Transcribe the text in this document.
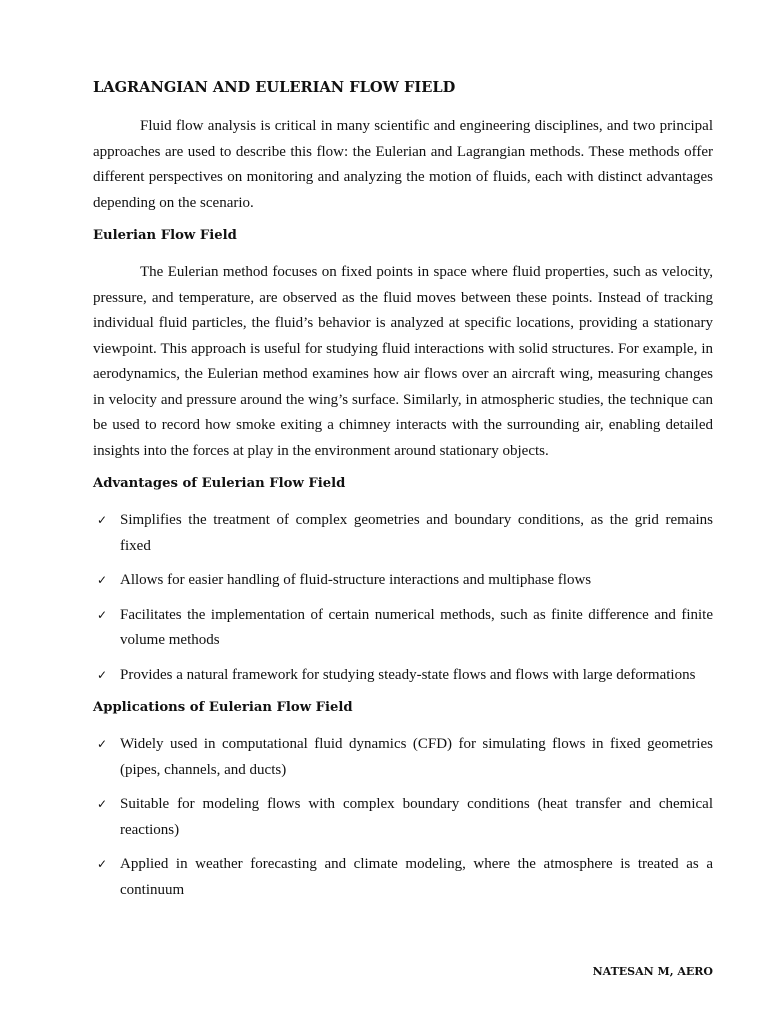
LAGRANGIAN AND EULERIAN FLOW FIELD

Fluid flow analysis is critical in many scientific and engineering disciplines, and two principal approaches are used to describe this flow: the Eulerian and Lagrangian methods. These methods offer different perspectives on monitoring and analyzing the motion of fluids, each with distinct advantages depending on the scenario.

Eulerian Flow Field

The Eulerian method focuses on fixed points in space where fluid properties, such as velocity, pressure, and temperature, are observed as the fluid moves between these points. Instead of tracking individual fluid particles, the fluid’s behavior is analyzed at specific locations, providing a stationary viewpoint. This approach is useful for studying fluid interactions with solid structures. For example, in aerodynamics, the Eulerian method examines how air flows over an aircraft wing, measuring changes in velocity and pressure around the wing’s surface. Similarly, in atmospheric studies, the technique can be used to record how smoke exiting a chimney interacts with the surrounding air, enabling detailed insights into the forces at play in the environment around stationary objects.

Advantages of Eulerian Flow Field
✓ Simplifies the treatment of complex geometries and boundary conditions, as the grid remains fixed
✓ Allows for easier handling of fluid-structure interactions and multiphase flows
✓ Facilitates the implementation of certain numerical methods, such as finite difference and finite volume methods
✓ Provides a natural framework for studying steady-state flows and flows with large deformations
Applications of Eulerian Flow Field
✓ Widely used in computational fluid dynamics (CFD) for simulating flows in fixed geometries (pipes, channels, and ducts)
✓ Suitable for modeling flows with complex boundary conditions (heat transfer and chemical reactions)
✓ Applied in weather forecasting and climate modeling, where the atmosphere is treated as a continuum
NATESAN M, AERO
